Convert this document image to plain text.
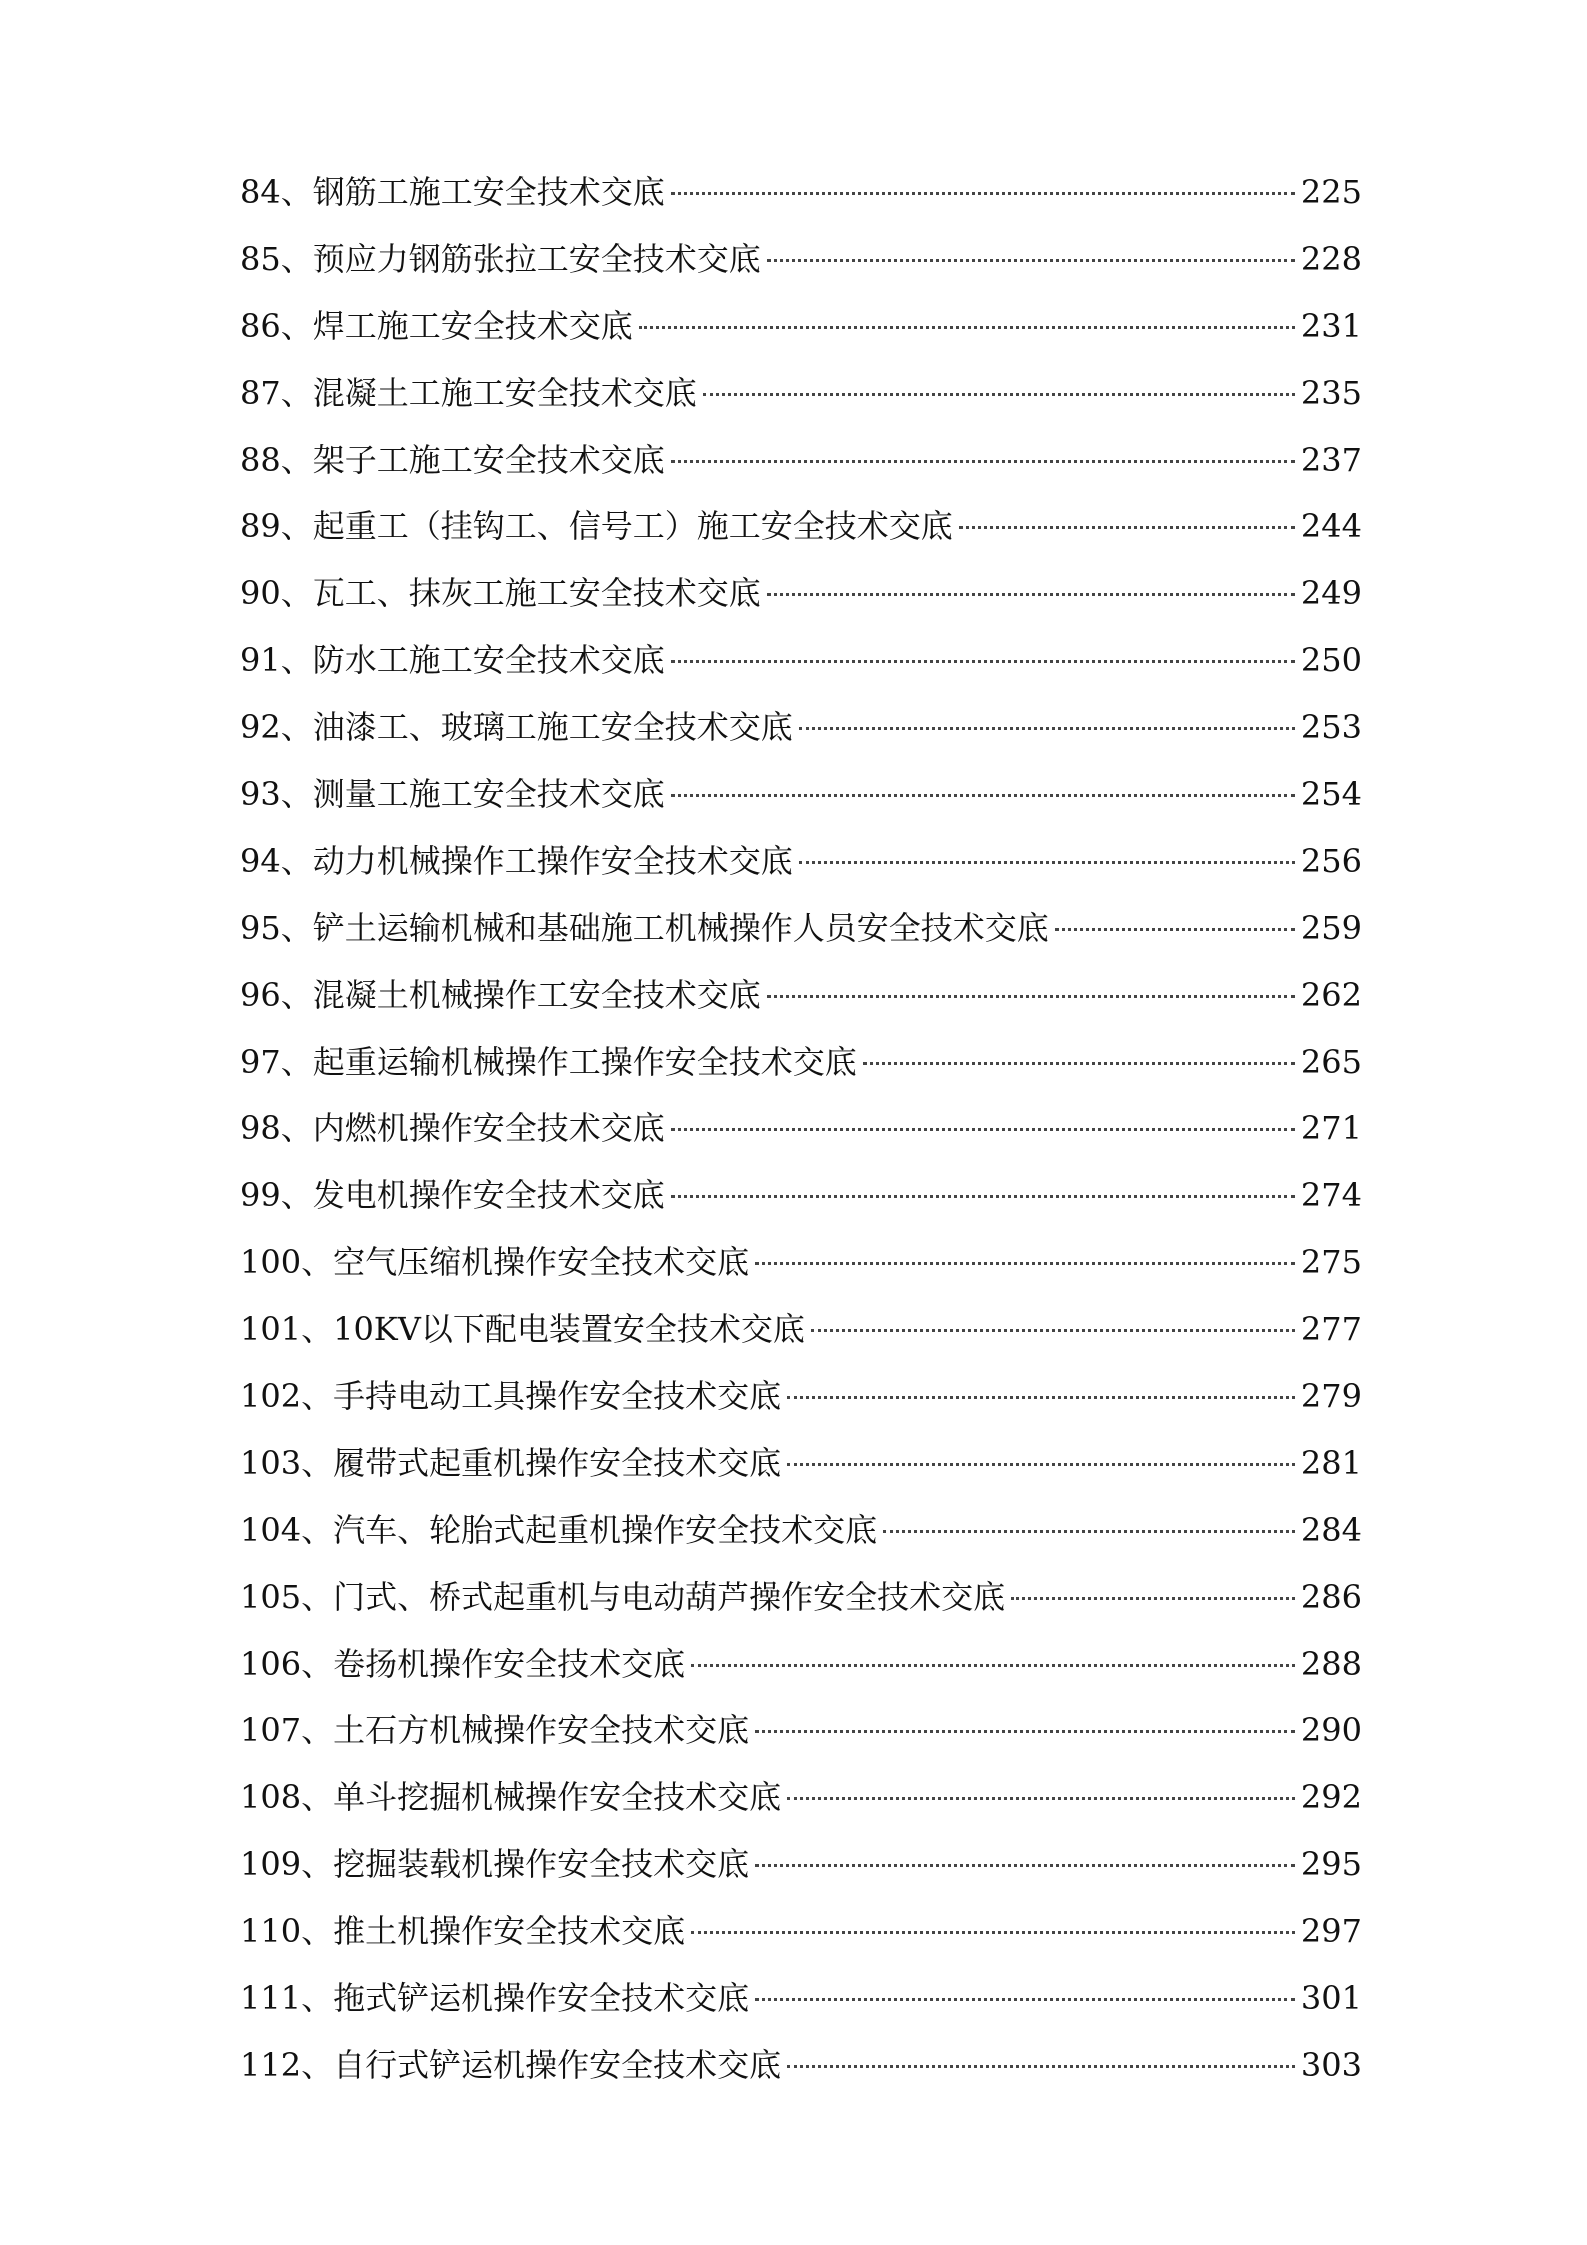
84、钢筋工施工安全技术交底	225
85、预应力钢筋张拉工安全技术交底	228
86、焊工施工安全技术交底	231
87、混凝土工施工安全技术交底	235
88、架子工施工安全技术交底	237
89、起重工（挂钩工、信号工）施工安全技术交底	244
90、瓦工、抹灰工施工安全技术交底	249
91、防水工施工安全技术交底	250
92、油漆工、玻璃工施工安全技术交底	253
93、测量工施工安全技术交底	254
94、动力机械操作工操作安全技术交底	256
95、铲土运输机械和基础施工机械操作人员安全技术交底	259
96、混凝土机械操作工安全技术交底	262
97、起重运输机械操作工操作安全技术交底	265
98、内燃机操作安全技术交底	271
99、发电机操作安全技术交底	274
100、空气压缩机操作安全技术交底	275
101、10KV以下配电装置安全技术交底	277
102、手持电动工具操作安全技术交底	279
103、履带式起重机操作安全技术交底	281
104、汽车、轮胎式起重机操作安全技术交底	284
105、门式、桥式起重机与电动葫芦操作安全技术交底	286
106、卷扬机操作安全技术交底	288
107、土石方机械操作安全技术交底	290
108、单斗挖掘机械操作安全技术交底	292
109、挖掘装载机操作安全技术交底	295
110、推土机操作安全技术交底	297
111、拖式铲运机操作安全技术交底	301
112、自行式铲运机操作安全技术交底	303
